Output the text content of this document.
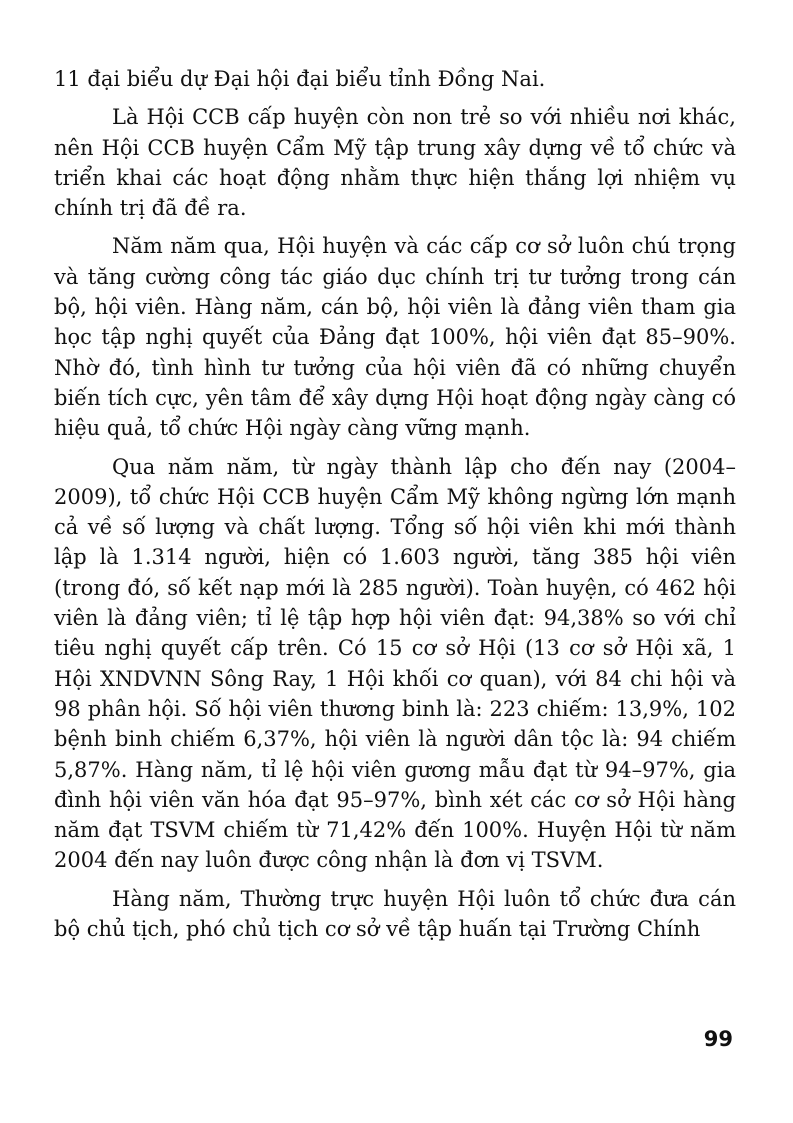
11 đại biểu dự Đại hội đại biểu tỉnh Đồng Nai.

Là Hội CCB cấp huyện còn non trẻ so với nhiều nơi khác, nên Hội CCB huyện Cẩm Mỹ tập trung xây dựng về tổ chức và triển khai các hoạt động nhằm thực hiện thắng lợi nhiệm vụ chính trị đã đề ra.

Năm năm qua, Hội huyện và các cấp cơ sở luôn chú trọng và tăng cường công tác giáo dục chính trị tư tưởng trong cán bộ, hội viên. Hàng năm, cán bộ, hội viên là đảng viên tham gia học tập nghị quyết của Đảng đạt 100%, hội viên đạt 85–90%. Nhờ đó, tình hình tư tưởng của hội viên đã có những chuyển biến tích cực, yên tâm để xây dựng Hội hoạt động ngày càng có hiệu quả, tổ chức Hội ngày càng vững mạnh.

Qua năm năm, từ ngày thành lập cho đến nay (2004–2009), tổ chức Hội CCB huyện Cẩm Mỹ không ngừng lớn mạnh cả về số lượng và chất lượng. Tổng số hội viên khi mới thành lập là 1.314 người, hiện có 1.603 người, tăng 385 hội viên (trong đó, số kết nạp mới là 285 người). Toàn huyện, có 462 hội viên là đảng viên; tỉ lệ tập hợp hội viên đạt: 94,38% so với chỉ tiêu nghị quyết cấp trên. Có 15 cơ sở Hội (13 cơ sở Hội xã, 1 Hội XNDVNN Sông Ray, 1 Hội khối cơ quan), với 84 chi hội và 98 phân hội. Số hội viên thương binh là: 223 chiếm: 13,9%, 102 bệnh binh chiếm 6,37%, hội viên là người dân tộc là: 94 chiếm 5,87%. Hàng năm, tỉ lệ hội viên gương mẫu đạt từ 94–97%, gia đình hội viên văn hóa đạt 95–97%, bình xét các cơ sở Hội hàng năm đạt TSVM chiếm từ 71,42% đến 100%. Huyện Hội từ năm 2004 đến nay luôn được công nhận là đơn vị TSVM.

Hàng năm, Thường trực huyện Hội luôn tổ chức đưa cán bộ chủ tịch, phó chủ tịch cơ sở về tập huấn tại Trường Chính

99
